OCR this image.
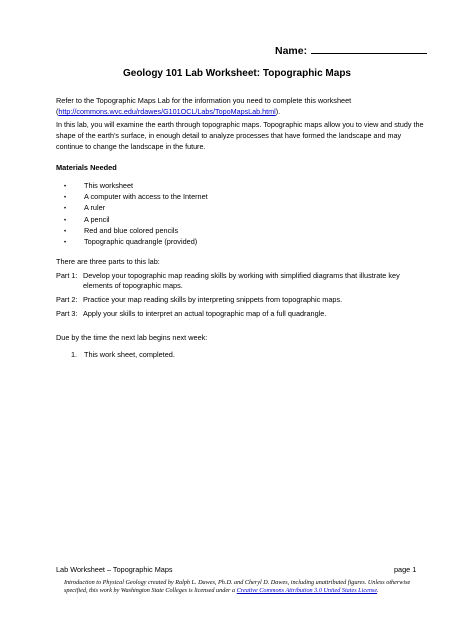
Name:
Geology 101 Lab Worksheet: Topographic Maps
Refer to the Topographic Maps Lab for the information you need to complete this worksheet
(http://commons.wvc.edu/rdawes/G101OCL/Labs/TopoMapsLab.html).
In this lab, you will examine the earth through topographic maps. Topographic maps allow you to view and study the shape of the earth’s surface, in enough detail to analyze processes that have formed the landscape and may continue to change the landscape in the future.
Materials Needed
• This worksheet
• A computer with access to the Internet
• A ruler
• A pencil
• Red and blue colored pencils
• Topographic quadrangle (provided)
There are three parts to this lab:
Part 1: Develop your topographic map reading skills by working with simplified diagrams that illustrate key elements of topographic maps.
Part 2: Practice your map reading skills by interpreting snippets from topographic maps.
Part 3: Apply your skills to interpret an actual topographic map of a full quadrangle.
Due by the time the next lab begins next week:
1. This work sheet, completed.
Lab Worksheet – Topographic Maps	page 1
Introduction to Physical Geology created by Ralph L. Dawes, Ph.D. and Cheryl D. Dawes, including unattributed figures. Unless otherwise specified, this work by Washington State Colleges is licensed under a Creative Commons Attribution 3.0 United States License.
